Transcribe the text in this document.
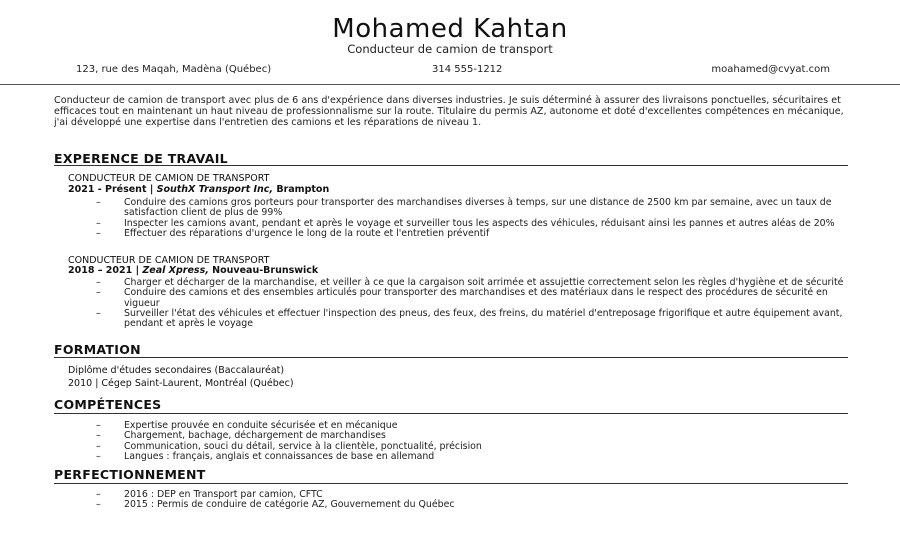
Mohamed Kahtan
Conducteur de camion de transport
123, rue des Maqah, Madèna (Québec)	314 555-1212	moahamed@cvyat.com

Conducteur de camion de transport avec plus de 6 ans d'expérience dans diverses industries. Je suis déterminé à assurer des livraisons ponctuelles, sécuritaires et efficaces tout en maintenant un haut niveau de professionnalisme sur la route. Titulaire du permis AZ, autonome et doté d'excellentes compétences en mécanique, j'ai développé une expertise dans l'entretien des camions et les réparations de niveau 1.

EXPERENCE DE TRAVAIL

CONDUCTEUR DE CAMION DE TRANSPORT

2021 - Présent | SouthX Transport Inc, Brampton

– Conduire des camions gros porteurs pour transporter des marchandises diverses à temps, sur une distance de 2500 km par semaine, avec un taux de satisfaction client de plus de 99%
– Inspecter les camions avant, pendant et après le voyage et surveiller tous les aspects des véhicules, réduisant ainsi les pannes et autres aléas de 20%
– Effectuer des réparations d'urgence le long de la route et l'entretien préventif

CONDUCTEUR DE CAMION DE TRANSPORT

2018 – 2021 | Zeal Xpress, Nouveau-Brunswick

– Charger et décharger de la marchandise, et veiller à ce que la cargaison soit arrimée et assujettie correctement selon les règles d'hygiène et de sécurité
– Conduire des camions et des ensembles articulés pour transporter des marchandises et des matériaux dans le respect des procédures de sécurité en vigueur
– Surveiller l'état des véhicules et effectuer l'inspection des pneus, des feux, des freins, du matériel d'entreposage frigorifique et autre équipement avant, pendant et après le voyage
FORMATION

Diplôme d'études secondaires (Baccalauréat)

2010 | Cégep Saint-Laurent, Montréal (Québec)

COMPÉTENCES
– Expertise prouvée en conduite sécurisée et en mécanique
– Chargement, bachage, déchargement de marchandises
– Communication, souci du détail, service à la clientèle, ponctualité, précision
– Langues : français, anglais et connaissances de base en allemand
PERFECTIONNEMENT
– 2016 : DEP en Transport par camion, CFTC
– 2015 : Permis de conduire de catégorie AZ, Gouvernement du Québec
